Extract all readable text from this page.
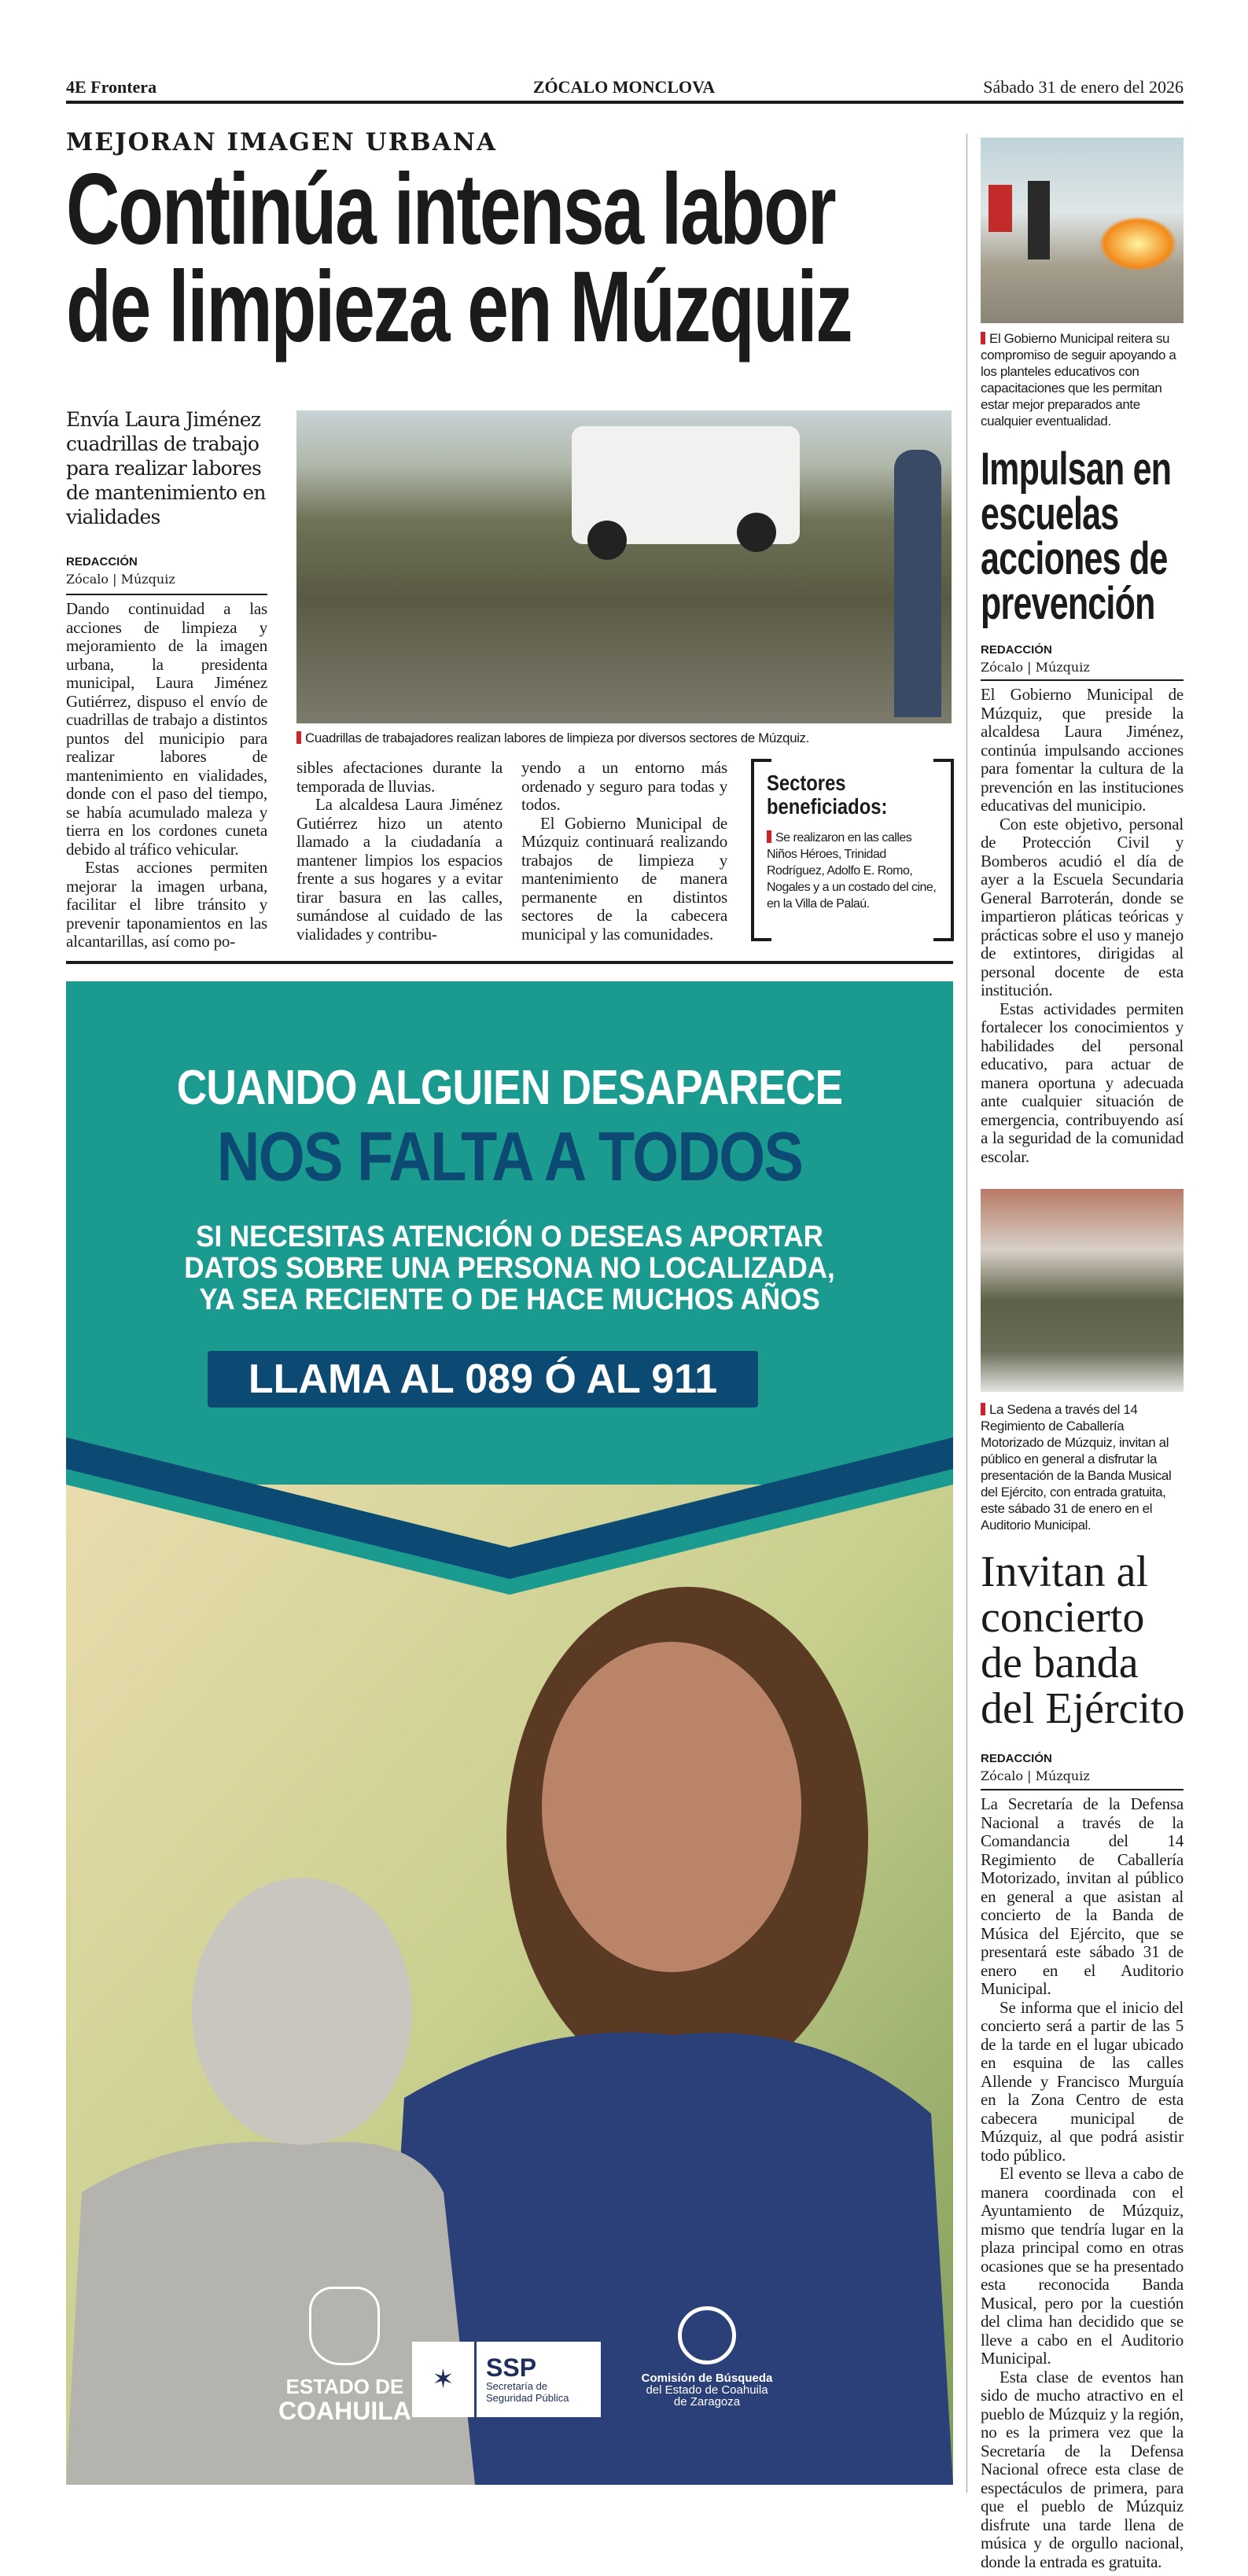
4E Frontera	ZÓCALO MONCLOVA	Sábado 31 de enero del 2026
MEJORAN IMAGEN URBANA
Continúa intensa labor
de limpieza en Múzquiz
Envía Laura Jiménez cuadrillas de trabajo para realizar labores de mantenimiento en vialidades
REDACCIÓN
Zócalo | Múzquiz
Cuadrillas de trabajadores realizan labores de limpieza por diversos sectores de Múzquiz.

Dando continuidad a las acciones de limpieza y mejoramiento de la imagen urbana, la presidenta municipal, Laura Jiménez Gutiérrez, dispuso el envío de cuadrillas de trabajo a distintos puntos del municipio para realizar labores de mantenimiento en vialidades, donde con el paso del tiempo, se había acumulado maleza y tierra en los cordones cuneta debido al tráfico vehicular.

Estas acciones permiten mejorar la imagen urbana, facilitar el libre tránsito y prevenir taponamientos en las alcantarillas, así como po-

sibles afectaciones durante la temporada de lluvias.

La alcaldesa Laura Jiménez Gutiérrez hizo un atento llamado a la ciudadanía a mantener limpios los espacios frente a sus hogares y a evitar tirar basura en las calles, sumándose al cuidado de las vialidades y contribu-

yendo a un entorno más ordenado y seguro para todas y todos.

El Gobierno Municipal de Múzquiz continuará realizando trabajos de limpieza y mantenimiento de manera permanente en distintos sectores de la cabecera municipal y las comunidades.

Sectores beneficiados:
Se realizaron en las calles Niños Héroes, Trinidad Rodríguez, Adolfo E. Romo, Nogales y a un costado del cine, en la Villa de Palaú.
CUANDO ALGUIEN DESAPARECE
NOS FALTA A TODOS
SI NECESITAS ATENCIÓN O DESEAS APORTAR
DATOS SOBRE UNA PERSONA NO LOCALIZADA,
YA SEA RECIENTE O DE HACE MUCHOS AÑOS
LLAMA AL 089 Ó AL 911
ESTADO DE
COAHUILA
✶	SSP
Secretaría de
Seguridad Pública
Comisión de Búsqueda
del Estado de Coahuila
de Zaragoza
El Gobierno Municipal reitera su compromiso de seguir apoyando a los planteles educativos con capacitaciones que les permitan estar mejor preparados ante cualquier eventualidad.
Impulsan en escuelas acciones de prevención
REDACCIÓN
Zócalo | Múzquiz

El Gobierno Municipal de Múzquiz, que preside la alcaldesa Laura Jiménez, continúa impulsando acciones para fomentar la cultura de la prevención en las instituciones educativas del municipio.

Con este objetivo, personal de Protección Civil y Bomberos acudió el día de ayer a la Escuela Secundaria General Barroterán, donde se impartieron pláticas teóricas y prácticas sobre el uso y manejo de extintores, dirigidas al personal docente de esta institución.

Estas actividades permiten fortalecer los conocimientos y habilidades del personal educativo, para actuar de manera oportuna y adecuada ante cualquier situación de emergencia, contribuyendo así a la seguridad de la comunidad escolar.

La Sedena a través del 14 Regimiento de Caballería Motorizado de Múzquiz, invitan al público en general a disfrutar la presentación de la Banda Musical del Ejército, con entrada gratuita, este sábado 31 de enero en el Auditorio Municipal.
Invitan al concierto de banda del Ejército
REDACCIÓN
Zócalo | Múzquiz

La Secretaría de la Defensa Nacional a través de la Comandancia del 14 Regimiento de Caballería Motorizado, invitan al público en general a que asistan al concierto de la Banda de Música del Ejército, que se presentará este sábado 31 de enero en el Auditorio Municipal.

Se informa que el inicio del concierto será a partir de las 5 de la tarde en el lugar ubicado en esquina de las calles Allende y Francisco Murguía en la Zona Centro de esta cabecera municipal de Múzquiz, al que podrá asistir todo público.

El evento se lleva a cabo de manera coordinada con el Ayuntamiento de Múzquiz, mismo que tendría lugar en la plaza principal como en otras ocasiones que se ha presentado esta reconocida Banda Musical, pero por la cuestión del clima han decidido que se lleve a cabo en el Auditorio Municipal.

Esta clase de eventos han sido de mucho atractivo en el pueblo de Múzquiz y la región, no es la primera vez que la Secretaría de la Defensa Nacional ofrece esta clase de espectáculos de primera, para que el pueblo de Múzquiz disfrute una tarde llena de música y de orgullo nacional, donde la entrada es gratuita.
